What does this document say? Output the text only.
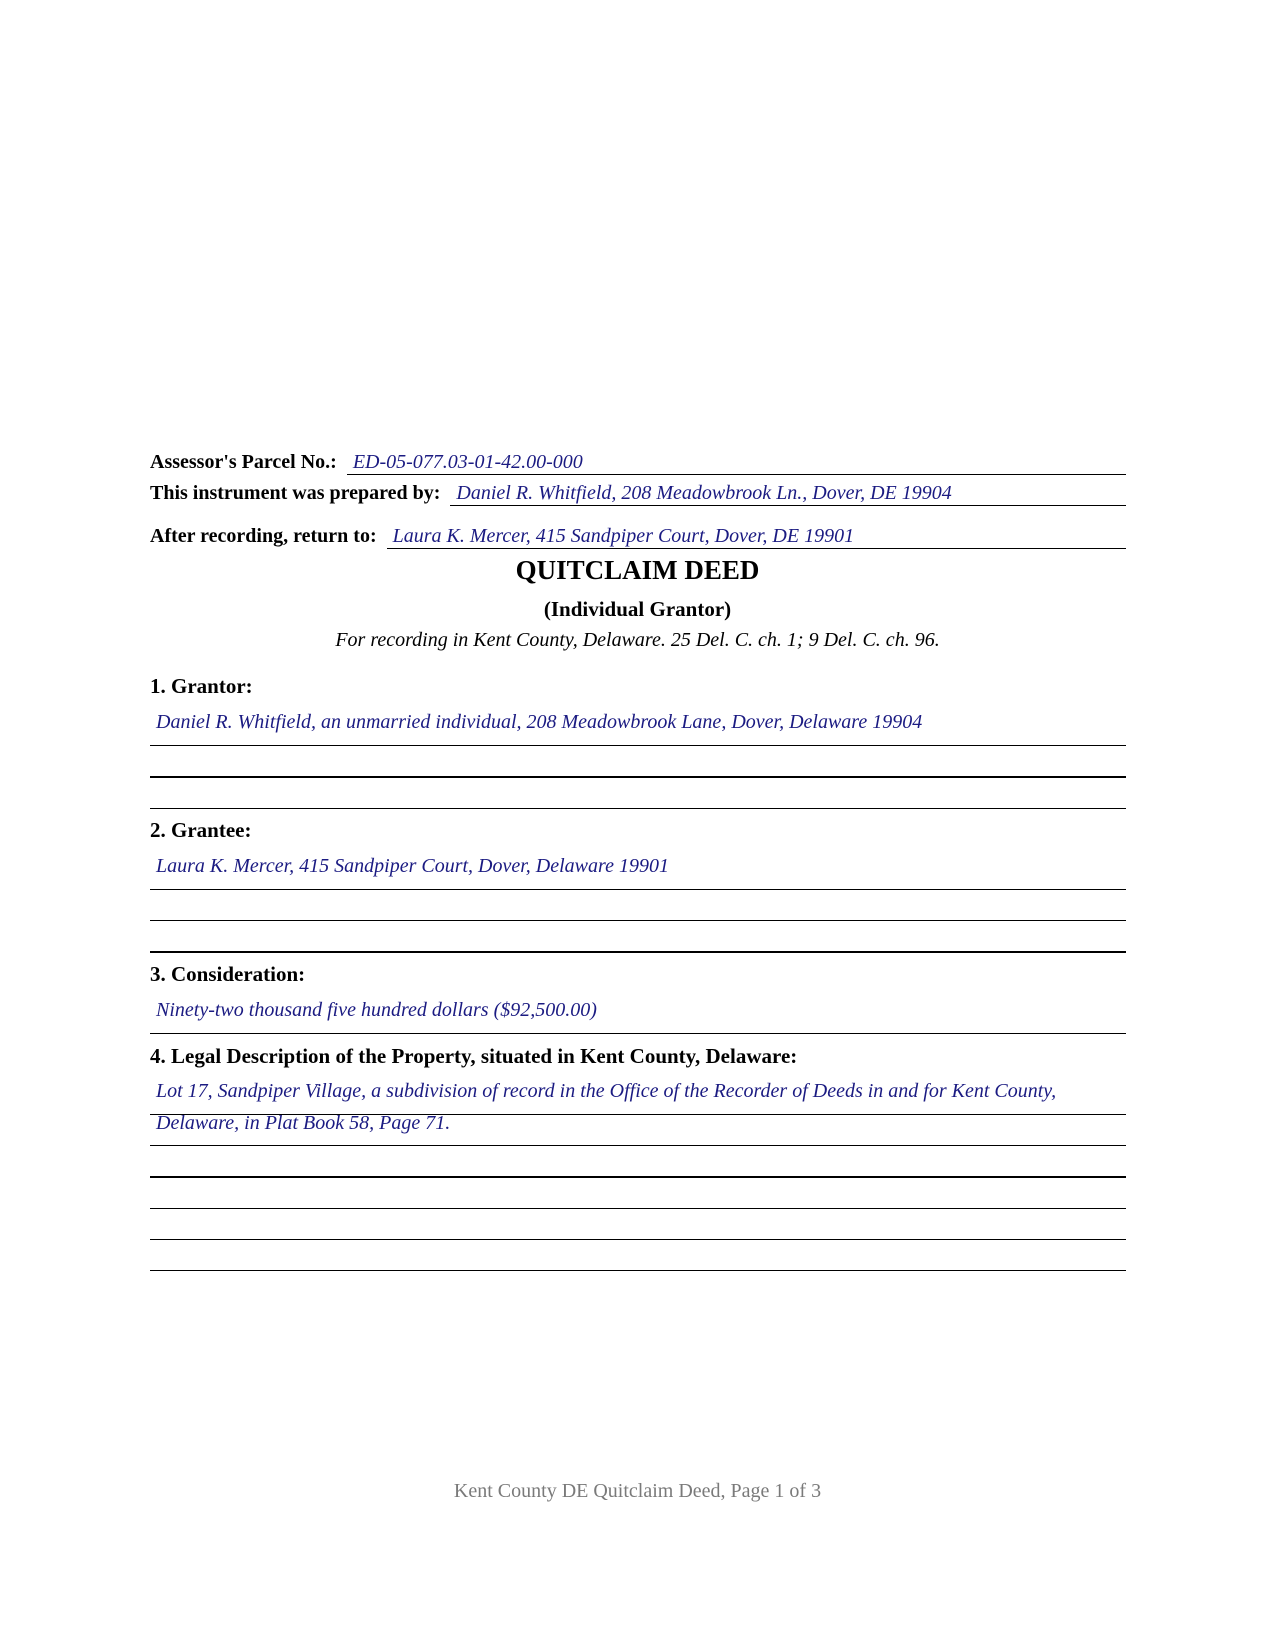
Assessor's Parcel No.: ED-05-077.03-01-42.00-000
This instrument was prepared by: Daniel R. Whitfield, 208 Meadowbrook Ln., Dover, DE 19904
After recording, return to: Laura K. Mercer, 415 Sandpiper Court, Dover, DE 19901
QUITCLAIM DEED
(Individual Grantor)
For recording in Kent County, Delaware. 25 Del. C. ch. 1; 9 Del. C. ch. 96.
1. Grantor:
Daniel R. Whitfield, an unmarried individual, 208 Meadowbrook Lane, Dover, Delaware 19904
2. Grantee:
Laura K. Mercer, 415 Sandpiper Court, Dover, Delaware 19901
3. Consideration:
Ninety-two thousand five hundred dollars ($92,500.00)
4. Legal Description of the Property, situated in Kent County, Delaware:
Lot 17, Sandpiper Village, a subdivision of record in the Office of the Recorder of Deeds in and for Kent County,
Delaware, in Plat Book 58, Page 71.
Kent County DE Quitclaim Deed, Page 1 of 3
